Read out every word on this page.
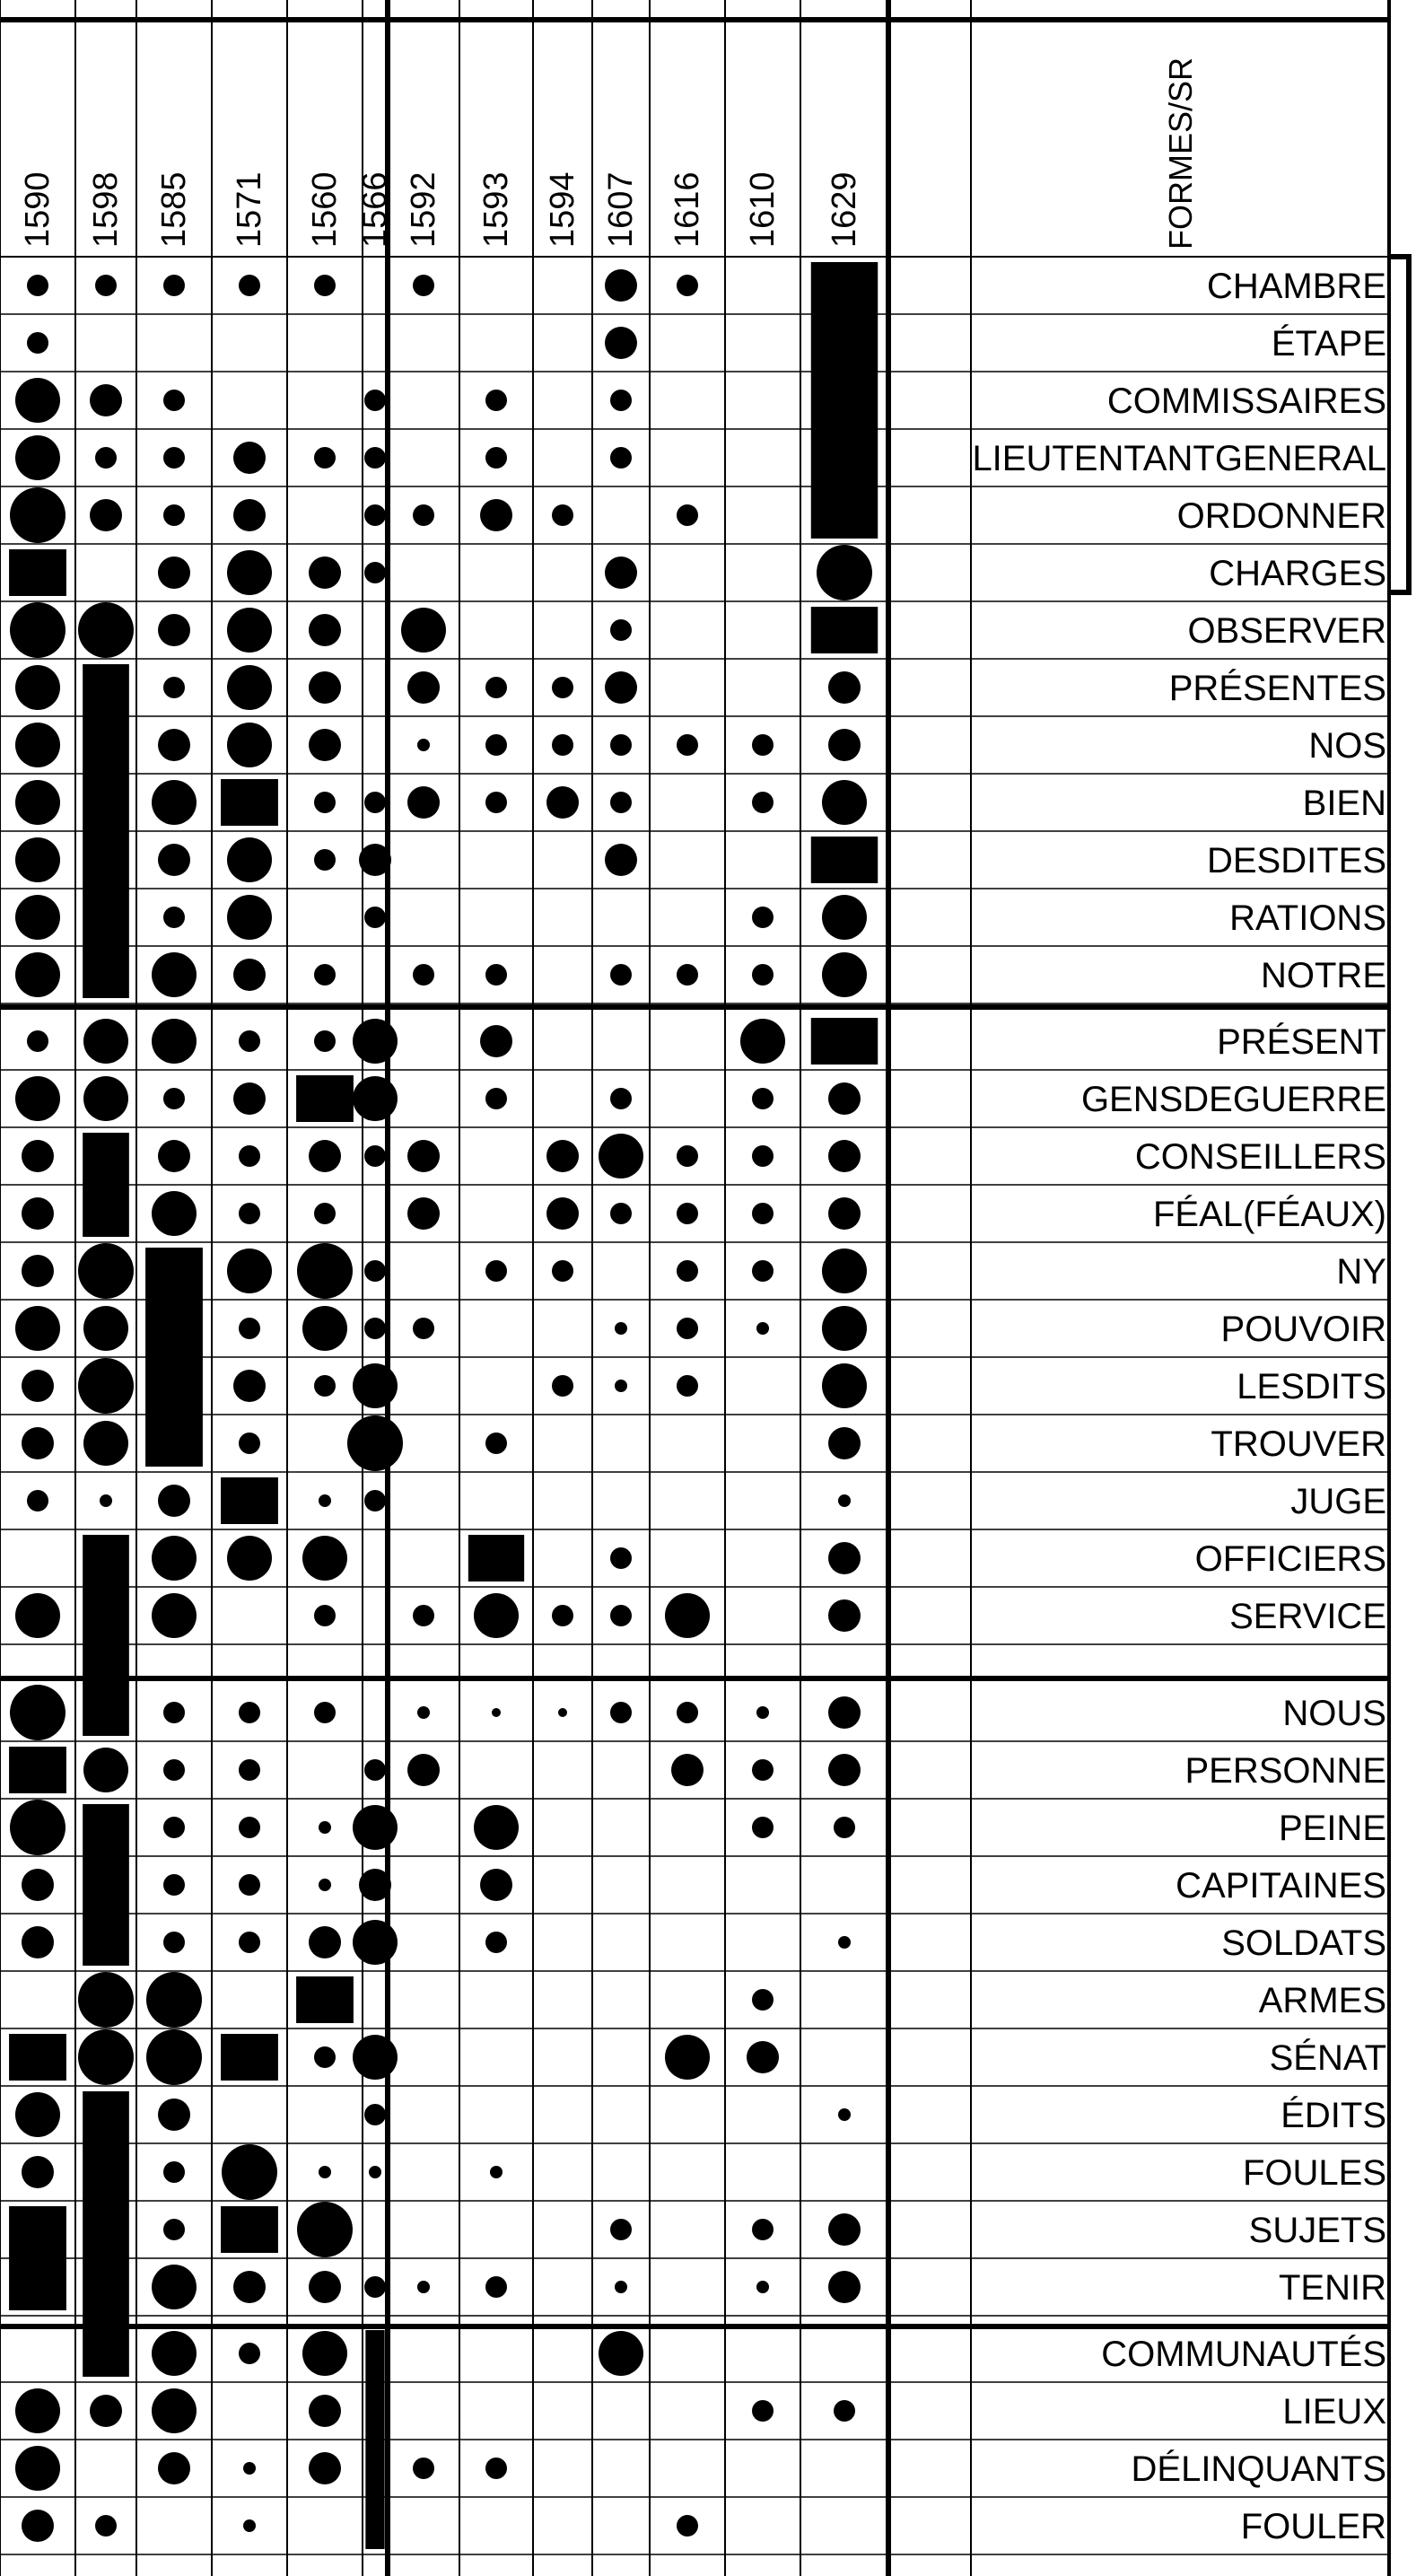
1590 1598 1585 1571 1560 1566 1592 1593 1594 1607 1616 1610 1629	FORMES/SR
CHAMBRE
ÉTAPE
COMMISSAIRES
LIEUTENTANTGENERAL
ORDONNER
CHARGES
OBSERVER
PRÉSENTES
NOS
BIEN
DESDITES
RATIONS
NOTRE
PRÉSENT
GENSDEGUERRE
CONSEILLERS
FÉAL(FÉAUX)
NY
POUVOIR
LESDITS
TROUVER
JUGE
OFFICIERS
SERVICE
NOUS
PERSONNE
PEINE
CAPITAINES
SOLDATS
ARMES
SÉNAT
ÉDITS
FOULES
SUJETS
TENIR
COMMUNAUTÉS
LIEUX
DÉLINQUANTS
FOULER
